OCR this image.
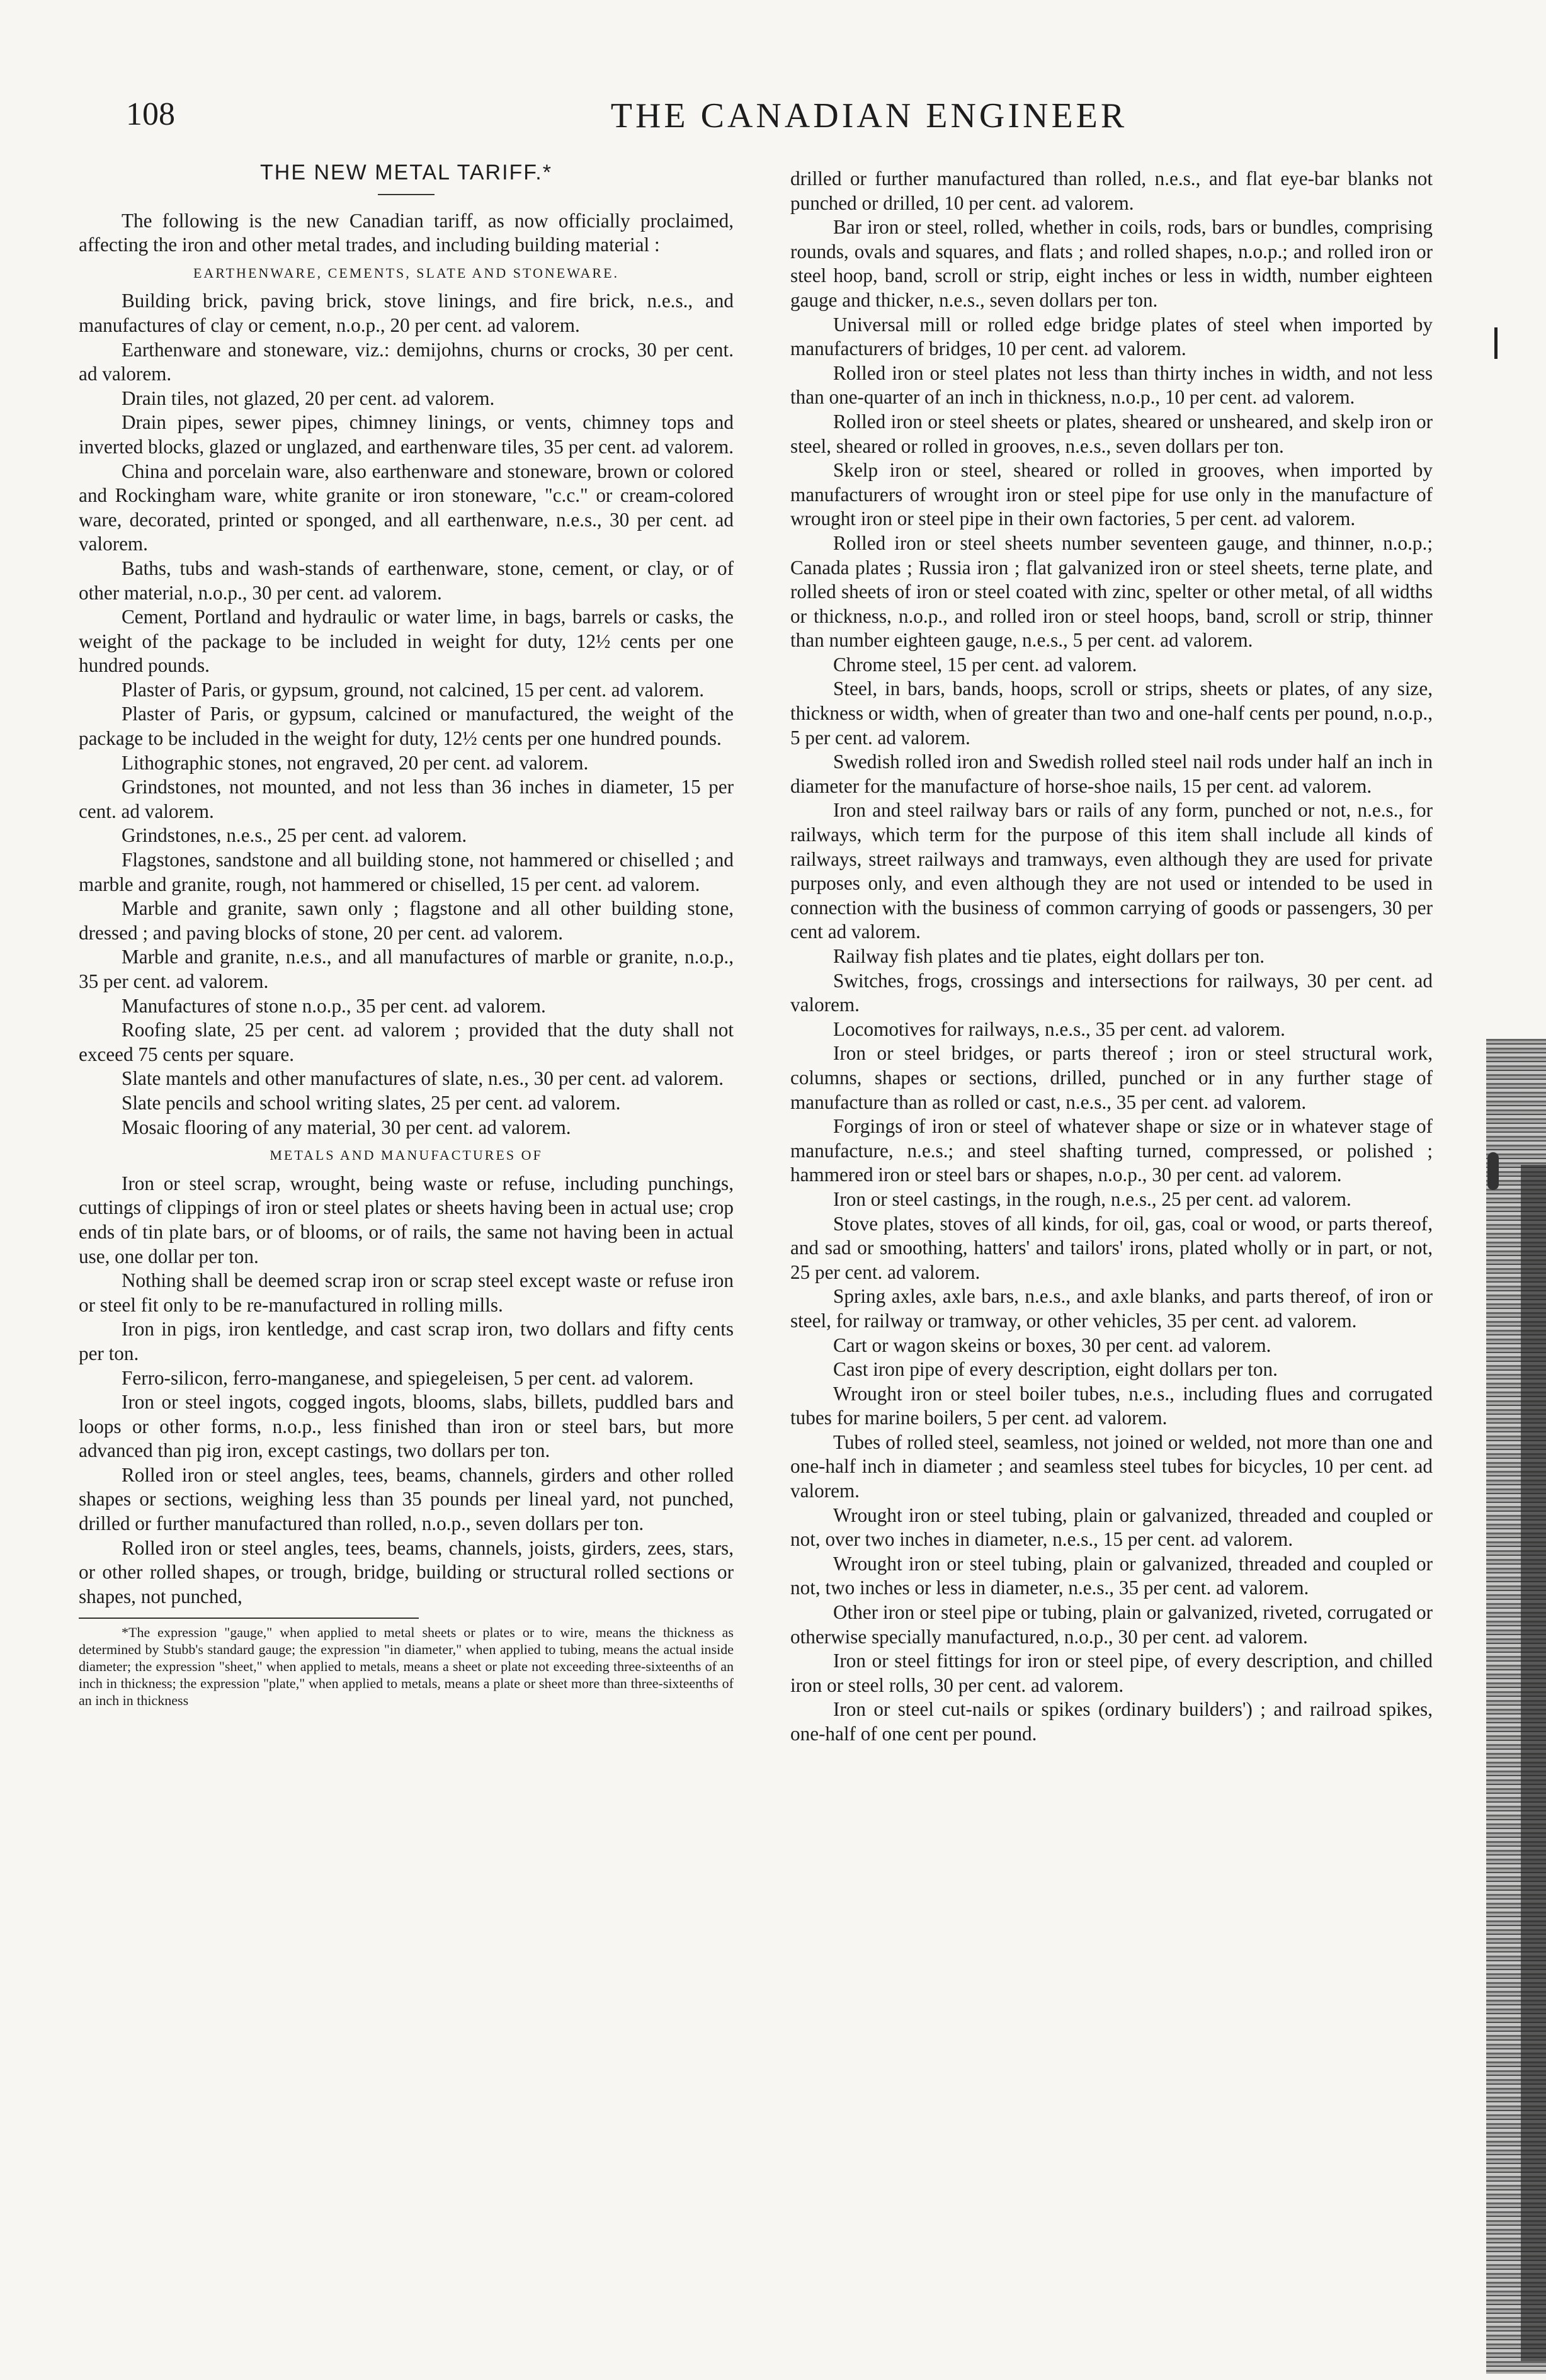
108	THE CANADIAN ENGINEER
THE NEW METAL TARIFF.*

The following is the new Canadian tariff, as now officially proclaimed, affecting the iron and other metal trades, and including building material :

EARTHENWARE, CEMENTS, SLATE AND STONEWARE.

Building brick, paving brick, stove linings, and fire brick, n.e.s., and manufactures of clay or cement, n.o.p., 20 per cent. ad valorem.

Earthenware and stoneware, viz.: demijohns, churns or crocks, 30 per cent. ad valorem.

Drain tiles, not glazed, 20 per cent. ad valorem.

Drain pipes, sewer pipes, chimney linings, or vents, chimney tops and inverted blocks, glazed or unglazed, and earthenware tiles, 35 per cent. ad valorem.

China and porcelain ware, also earthenware and stoneware, brown or colored and Rockingham ware, white granite or iron stoneware, "c.c." or cream-colored ware, decorated, printed or sponged, and all earthenware, n.e.s., 30 per cent. ad valorem.

Baths, tubs and wash-stands of earthenware, stone, cement, or clay, or of other material, n.o.p., 30 per cent. ad valorem.

Cement, Portland and hydraulic or water lime, in bags, barrels or casks, the weight of the package to be included in weight for duty, 12½ cents per one hundred pounds.

Plaster of Paris, or gypsum, ground, not calcined, 15 per cent. ad valorem.

Plaster of Paris, or gypsum, calcined or manufactured, the weight of the package to be included in the weight for duty, 12½ cents per one hundred pounds.

Lithographic stones, not engraved, 20 per cent. ad valorem.

Grindstones, not mounted, and not less than 36 inches in diameter, 15 per cent. ad valorem.

Grindstones, n.e.s., 25 per cent. ad valorem.

Flagstones, sandstone and all building stone, not hammered or chiselled ; and marble and granite, rough, not hammered or chiselled, 15 per cent. ad valorem.

Marble and granite, sawn only ; flagstone and all other building stone, dressed ; and paving blocks of stone, 20 per cent. ad valorem.

Marble and granite, n.e.s., and all manufactures of marble or granite, n.o.p., 35 per cent. ad valorem.

Manufactures of stone n.o.p., 35 per cent. ad valorem.

Roofing slate, 25 per cent. ad valorem ; provided that the duty shall not exceed 75 cents per square.

Slate mantels and other manufactures of slate, n.es., 30 per cent. ad valorem.

Slate pencils and school writing slates, 25 per cent. ad valorem.

Mosaic flooring of any material, 30 per cent. ad valorem.

METALS AND MANUFACTURES OF

Iron or steel scrap, wrought, being waste or refuse, including punchings, cuttings of clippings of iron or steel plates or sheets having been in actual use; crop ends of tin plate bars, or of blooms, or of rails, the same not having been in actual use, one dollar per ton.

Nothing shall be deemed scrap iron or scrap steel except waste or refuse iron or steel fit only to be re-manufactured in rolling mills.

Iron in pigs, iron kentledge, and cast scrap iron, two dollars and fifty cents per ton.

Ferro-silicon, ferro-manganese, and spiegeleisen, 5 per cent. ad valorem.

Iron or steel ingots, cogged ingots, blooms, slabs, billets, puddled bars and loops or other forms, n.o.p., less finished than iron or steel bars, but more advanced than pig iron, except castings, two dollars per ton.

Rolled iron or steel angles, tees, beams, channels, girders and other rolled shapes or sections, weighing less than 35 pounds per lineal yard, not punched, drilled or further manufactured than rolled, n.o.p., seven dollars per ton.

Rolled iron or steel angles, tees, beams, channels, joists, girders, zees, stars, or other rolled shapes, or trough, bridge, building or structural rolled sections or shapes, not punched,

*The expression "gauge," when applied to metal sheets or plates or to wire, means the thickness as determined by Stubb's standard gauge; the expression "in diameter," when applied to tubing, means the actual inside diameter; the expression "sheet," when applied to metals, means a sheet or plate not exceeding three-sixteenths of an inch in thickness; the expression "plate," when applied to metals, means a plate or sheet more than three-sixteenths of an inch in thickness

drilled or further manufactured than rolled, n.e.s., and flat eye-bar blanks not punched or drilled, 10 per cent. ad valorem.

Bar iron or steel, rolled, whether in coils, rods, bars or bundles, comprising rounds, ovals and squares, and flats ; and rolled shapes, n.o.p.; and rolled iron or steel hoop, band, scroll or strip, eight inches or less in width, number eighteen gauge and thicker, n.e.s., seven dollars per ton.

Universal mill or rolled edge bridge plates of steel when imported by manufacturers of bridges, 10 per cent. ad valorem.

Rolled iron or steel plates not less than thirty inches in width, and not less than one-quarter of an inch in thickness, n.o.p., 10 per cent. ad valorem.

Rolled iron or steel sheets or plates, sheared or unsheared, and skelp iron or steel, sheared or rolled in grooves, n.e.s., seven dollars per ton.

Skelp iron or steel, sheared or rolled in grooves, when imported by manufacturers of wrought iron or steel pipe for use only in the manufacture of wrought iron or steel pipe in their own factories, 5 per cent. ad valorem.

Rolled iron or steel sheets number seventeen gauge, and thinner, n.o.p.; Canada plates ; Russia iron ; flat galvanized iron or steel sheets, terne plate, and rolled sheets of iron or steel coated with zinc, spelter or other metal, of all widths or thickness, n.o.p., and rolled iron or steel hoops, band, scroll or strip, thinner than number eighteen gauge, n.e.s., 5 per cent. ad valorem.

Chrome steel, 15 per cent. ad valorem.

Steel, in bars, bands, hoops, scroll or strips, sheets or plates, of any size, thickness or width, when of greater than two and one-half cents per pound, n.o.p., 5 per cent. ad valorem.

Swedish rolled iron and Swedish rolled steel nail rods under half an inch in diameter for the manufacture of horse-shoe nails, 15 per cent. ad valorem.

Iron and steel railway bars or rails of any form, punched or not, n.e.s., for railways, which term for the purpose of this item shall include all kinds of railways, street railways and tramways, even although they are used for private purposes only, and even although they are not used or intended to be used in connection with the business of common carrying of goods or passengers, 30 per cent ad valorem.

Railway fish plates and tie plates, eight dollars per ton.

Switches, frogs, crossings and intersections for railways, 30 per cent. ad valorem.

Locomotives for railways, n.e.s., 35 per cent. ad valorem.

Iron or steel bridges, or parts thereof ; iron or steel structural work, columns, shapes or sections, drilled, punched or in any further stage of manufacture than as rolled or cast, n.e.s., 35 per cent. ad valorem.

Forgings of iron or steel of whatever shape or size or in whatever stage of manufacture, n.e.s.; and steel shafting turned, compressed, or polished ; hammered iron or steel bars or shapes, n.o.p., 30 per cent. ad valorem.

Iron or steel castings, in the rough, n.e.s., 25 per cent. ad valorem.

Stove plates, stoves of all kinds, for oil, gas, coal or wood, or parts thereof, and sad or smoothing, hatters' and tailors' irons, plated wholly or in part, or not, 25 per cent. ad valorem.

Spring axles, axle bars, n.e.s., and axle blanks, and parts thereof, of iron or steel, for railway or tramway, or other vehicles, 35 per cent. ad valorem.

Cart or wagon skeins or boxes, 30 per cent. ad valorem.

Cast iron pipe of every description, eight dollars per ton.

Wrought iron or steel boiler tubes, n.e.s., including flues and corrugated tubes for marine boilers, 5 per cent. ad valorem.

Tubes of rolled steel, seamless, not joined or welded, not more than one and one-half inch in diameter ; and seamless steel tubes for bicycles, 10 per cent. ad valorem.

Wrought iron or steel tubing, plain or galvanized, threaded and coupled or not, over two inches in diameter, n.e.s., 15 per cent. ad valorem.

Wrought iron or steel tubing, plain or galvanized, threaded and coupled or not, two inches or less in diameter, n.e.s., 35 per cent. ad valorem.

Other iron or steel pipe or tubing, plain or galvanized, riveted, corrugated or otherwise specially manufactured, n.o.p., 30 per cent. ad valorem.

Iron or steel fittings for iron or steel pipe, of every description, and chilled iron or steel rolls, 30 per cent. ad valorem.

Iron or steel cut-nails or spikes (ordinary builders') ; and railroad spikes, one-half of one cent per pound.
